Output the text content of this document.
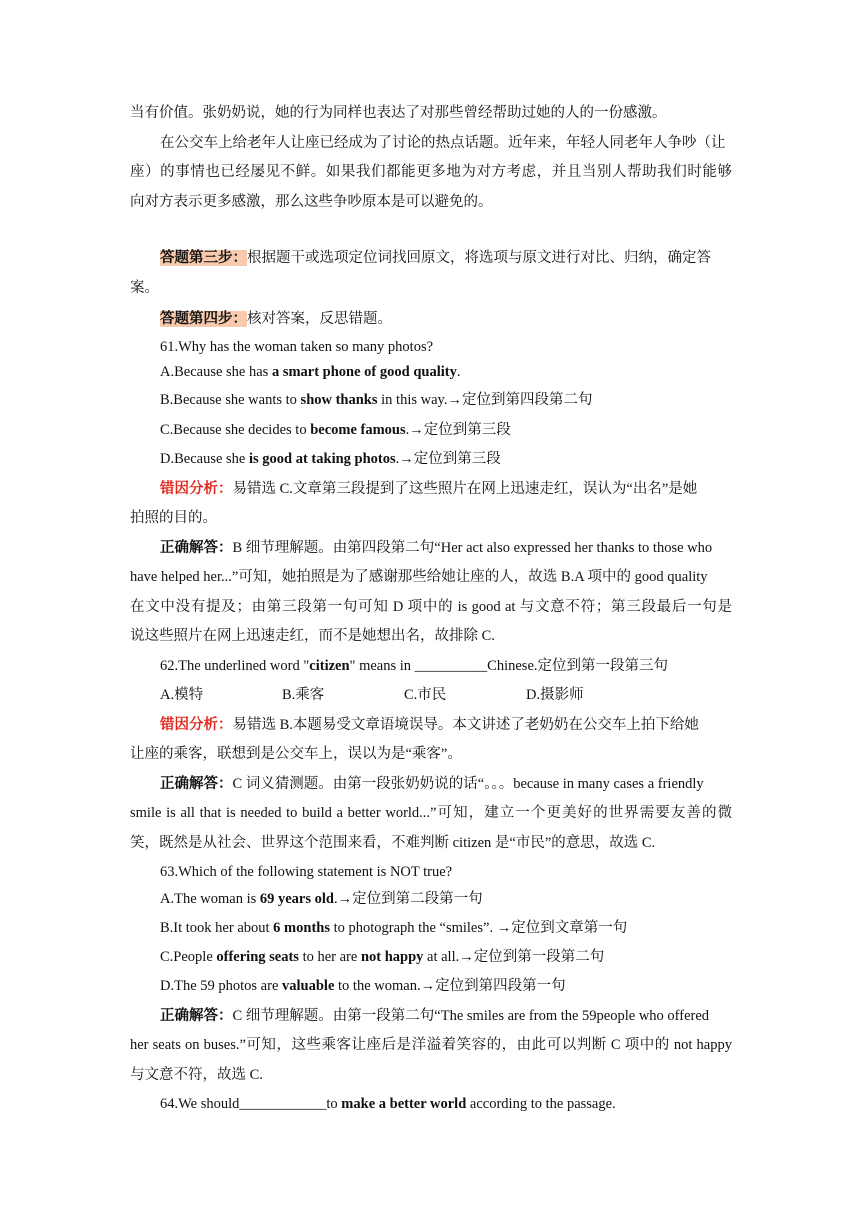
当有价值。张奶奶说，她的行为同样也表达了对那些曾经帮助过她的人的一份感激。
在公交车上给老年人让座已经成为了讨论的热点话题。近年来，年轻人同老年人争吵（让
座）的事情也已经屡见不鲜。如果我们都能更多地为对方考虑，并且当别人帮助我们时能够
向对方表示更多感激，那么这些争吵原本是可以避免的。
答题第三步：根据题干或选项定位词找回原文，将选项与原文进行对比、归纳，确定答
案。
答题第四步：核对答案，反思错题。
61.Why has the woman taken so many photos?
A.Because she has a smart phone of good quality.
B.Because she wants to show thanks in this way.→定位到第四段第二句
C.Because she decides to become famous.→定位到第三段
D.Because she is good at taking photos.→定位到第三段
错因分析：易错选 C.文章第三段提到了这些照片在网上迅速走红，误认为“出名”是她
拍照的目的。
正确解答：B 细节理解题。由第四段第二句“Her act also expressed her thanks to those who
have helped her...”可知，她拍照是为了感谢那些给她让座的人，故选 B.A 项中的 good quality
在文中没有提及；由第三段第一句可知 D 项中的 is good at 与文意不符；第三段最后一句是
说这些照片在网上迅速走红，而不是她想出名，故排除 C.
62.The underlined word "citizen" means in __________Chinese.定位到第一段第三句
A.模特	B.乘客	C.市民	D.摄影师
错因分析：易错选 B.本题易受文章语境误导。本文讲述了老奶奶在公交车上拍下给她
让座的乘客，联想到是公交车上，误以为是“乘客”。
正确解答：C 词义猜测题。由第一段张奶奶说的话“。。。because in many cases a friendly
smile is all that is needed to build a better world...”可知，建立一个更美好的世界需要友善的微
笑，既然是从社会、世界这个范围来看，不难判断 citizen 是“市民”的意思，故选 C.
63.Which of the following statement is NOT true?
A.The woman is 69 years old.→定位到第二段第一句
B.It took her about 6 months to photograph the “smiles”. →定位到文章第一句
C.People offering seats to her are not happy at all.→定位到第一段第二句
D.The 59 photos are valuable to the woman.→定位到第四段第一句
正确解答：C 细节理解题。由第一段第二句“The smiles are from the 59people who offered
her seats on buses.”可知，这些乘客让座后是洋溢着笑容的，由此可以判断 C 项中的 not happy
与文意不符，故选 C.
64.We should____________to make a better world according to the passage.
